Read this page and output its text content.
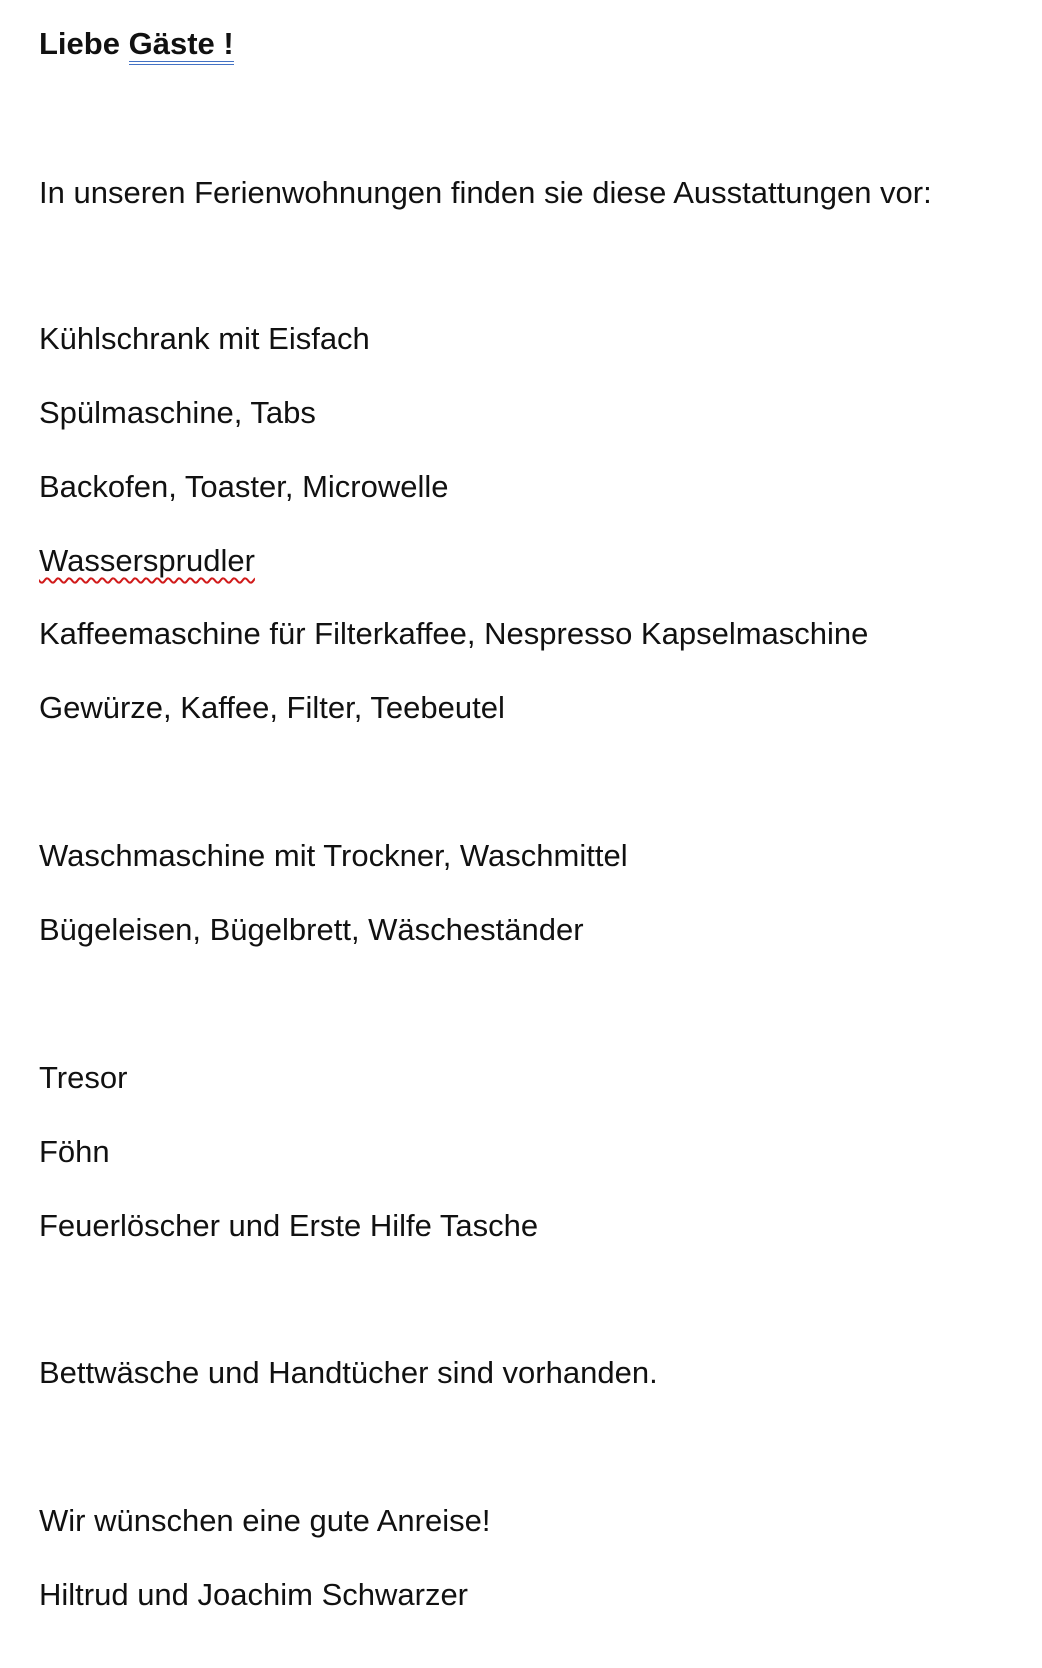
Liebe Gäste !
In unseren Ferienwohnungen finden sie diese Ausstattungen vor:
Kühlschrank mit Eisfach
Spülmaschine, Tabs
Backofen, Toaster, Microwelle
Wassersprudler
Kaffeemaschine für Filterkaffee, Nespresso Kapselmaschine
Gewürze, Kaffee, Filter, Teebeutel
Waschmaschine mit Trockner, Waschmittel
Bügeleisen, Bügelbrett, Wäscheständer
Tresor
Föhn
Feuerlöscher und Erste Hilfe Tasche
Bettwäsche und Handtücher sind vorhanden.
Wir wünschen eine gute Anreise!
Hiltrud und Joachim Schwarzer
